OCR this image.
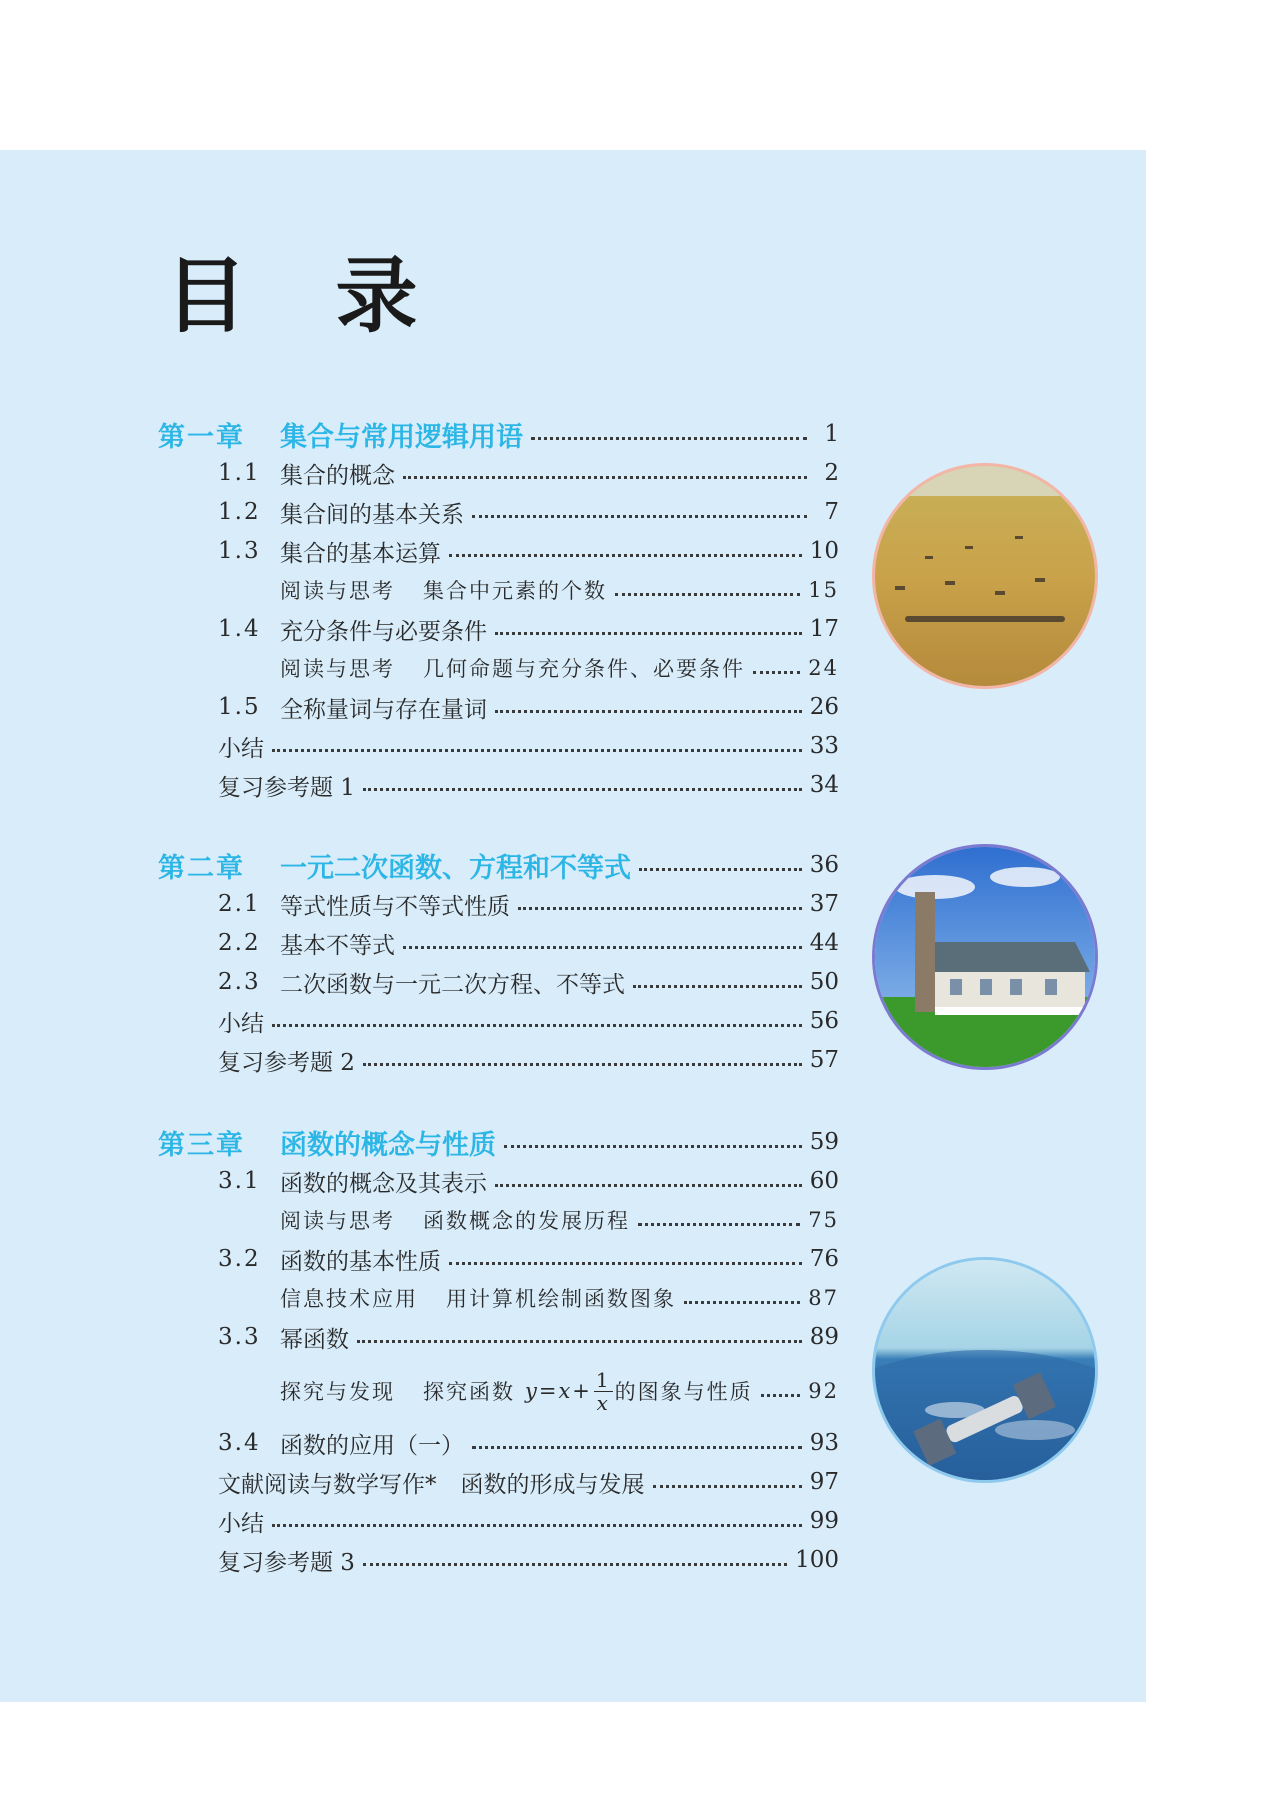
目 录
第一章	集合与常用逻辑用语	1
1.1 集合的概念	2
1.2 集合间的基本关系	7
1.3 集合的基本运算	10
阅读与思考 集合中元素的个数	15
1.4 充分条件与必要条件	17
阅读与思考 几何命题与充分条件、必要条件	24
1.5 全称量词与存在量词	26
小结	33
复习参考题 1	34
第二章	一元二次函数、方程和不等式	36
2.1 等式性质与不等式性质	37
2.2 基本不等式	44
2.3 二次函数与一元二次方程、不等式	50
小结	56
复习参考题 2	57
第三章	函数的概念与性质	59
3.1 函数的概念及其表示	60
阅读与思考 函数概念的发展历程	75
3.2 函数的基本性质	76
信息技术应用 用计算机绘制函数图象	87
3.3 幂函数	89
探究与发现 探究函数 $y=x+ \frac{1}{x}$ 的图象与性质	92
3.4 函数的应用（一）	93
文献阅读与数学写作* 函数的形成与发展	97
小结	99
复习参考题 3	100
